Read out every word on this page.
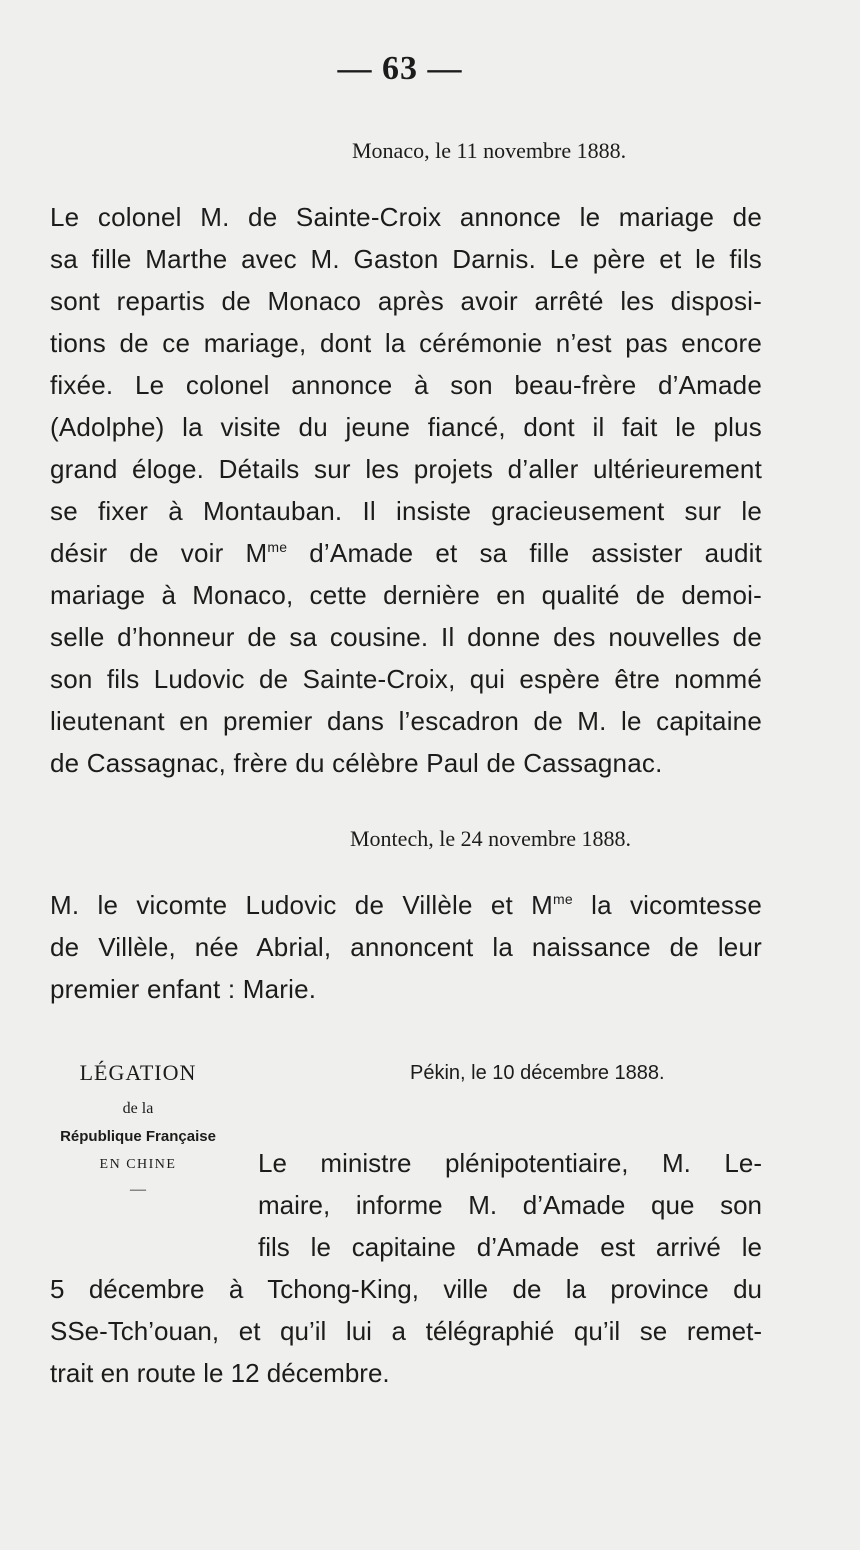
— 63 —
Monaco, le 11 novembre 1888.
Le colonel M. de Sainte-Croix annonce le mariage de
sa fille Marthe avec M. Gaston Darnis. Le père et le fils
sont repartis de Monaco après avoir arrêté les disposi-
tions de ce mariage, dont la cérémonie n’est pas encore
fixée. Le colonel annonce à son beau-frère d’Amade
(Adolphe) la visite du jeune fiancé, dont il fait le plus
grand éloge. Détails sur les projets d’aller ultérieurement
se fixer à Montauban. Il insiste gracieusement sur le
désir de voir $M^{me}$ d’Amade et sa fille assister audit
mariage à Monaco, cette dernière en qualité de demoi-
selle d’honneur de sa cousine. Il donne des nouvelles de
son fils Ludovic de Sainte-Croix, qui espère être nommé
lieutenant en premier dans l’escadron de M. le capitaine
de Cassagnac, frère du célèbre Paul de Cassagnac.
Montech, le 24 novembre 1888.
M. le vicomte Ludovic de Villèle et $M^{me}$ la vicomtesse
de Villèle, née Abrial, annoncent la naissance de leur
premier enfant : Marie.
Pékin, le 10 décembre 1888.
LÉGATION
de la
République Française
EN CHINE
—
Le ministre plénipotentiaire, M. Le-
maire, informe M. d’Amade que son
fils le capitaine d’Amade est arrivé le
5 décembre à Tchong-King, ville de la province du
SSe-Tch’ouan, et qu’il lui a télégraphié qu’il se remet-
trait en route le 12 décembre.
